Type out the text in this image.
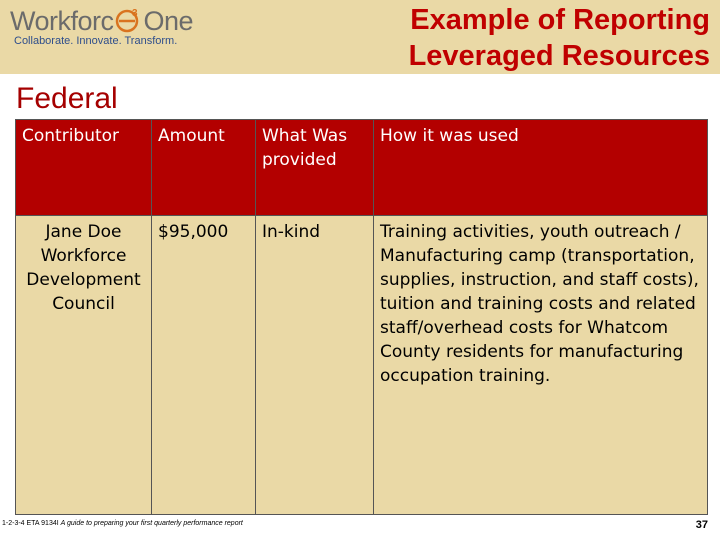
Workforc 3 One
Collaborate. Innovate. Transform.
Example of Reporting
Leveraged Resources
Federal
Contributor	Amount	What Was provided	How it was used
Jane Doe Workforce Development Council	$95,000	In-kind	Training activities, youth outreach / Manufacturing camp (transportation, supplies, instruction, and staff costs), tuition and training costs and related staff/overhead costs for Whatcom County residents for manufacturing occupation training.
1-2-3-4 ETA 9134I A guide to preparing your first quarterly performance report	37
